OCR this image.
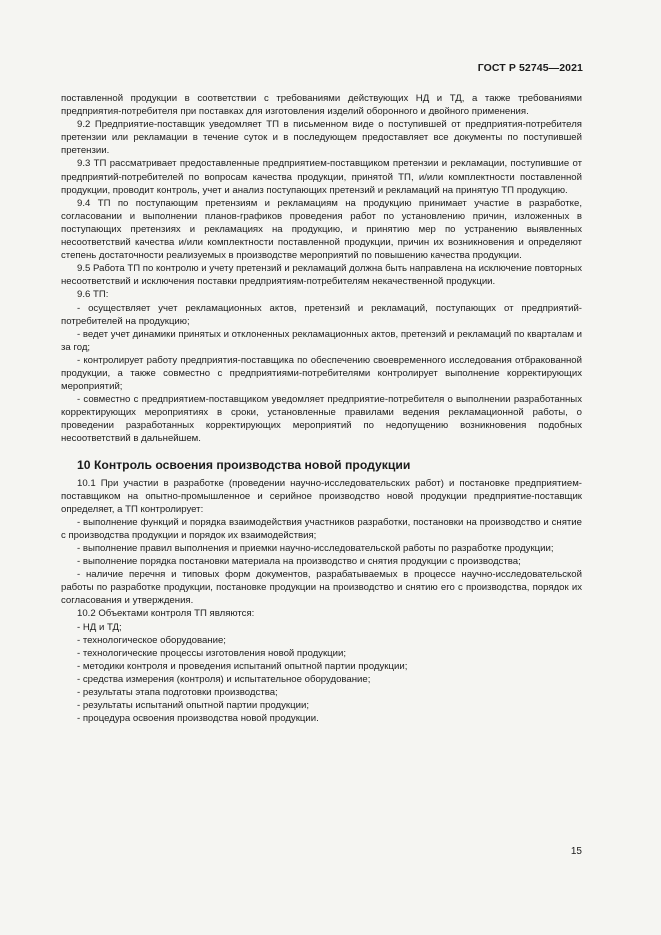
ГОСТ Р 52745—2021

поставленной продукции в соответствии с требованиями действующих НД и ТД, а также требованиями предприятия-потребителя при поставках для изготовления изделий оборонного и двойного применения.

9.2 Предприятие-поставщик уведомляет ТП в письменном виде о поступившей от предприятия-потребителя претензии или рекламации в течение суток и в последующем предоставляет все документы по поступившей претензии.

9.3 ТП рассматривает предоставленные предприятием-поставщиком претензии и рекламации, поступившие от предприятий-потребителей по вопросам качества продукции, принятой ТП, и/или комплектности поставленной продукции, проводит контроль, учет и анализ поступающих претензий и рекламаций на принятую ТП продукцию.

9.4 ТП по поступающим претензиям и рекламациям на продукцию принимает участие в разработке, согласовании и выполнении планов-графиков проведения работ по установлению причин, изложенных в поступающих претензиях и рекламациях на продукцию, и принятию мер по устранению выявленных несоответствий качества и/или комплектности поставленной продукции, причин их возникновения и определяют степень достаточности реализуемых в производстве мероприятий по повышению качества продукции.

9.5 Работа ТП по контролю и учету претензий и рекламаций должна быть направлена на исключение повторных несоответствий и исключения поставки предприятиям-потребителям некачественной продукции.

9.6 ТП:

- осуществляет учет рекламационных актов, претензий и рекламаций, поступающих от предприятий-потребителей на продукцию;

- ведет учет динамики принятых и отклоненных рекламационных актов, претензий и рекламаций по кварталам и за год;

- контролирует работу предприятия-поставщика по обеспечению своевременного исследования отбракованной продукции, а также совместно с предприятиями-потребителями контролирует выполнение корректирующих мероприятий;

- совместно с предприятием-поставщиком уведомляет предприятие-потребителя о выполнении разработанных корректирующих мероприятиях в сроки, установленные правилами ведения рекламационной работы, о проведении разработанных корректирующих мероприятий по недопущению возникновения подобных несоответствий в дальнейшем.

10 Контроль освоения производства новой продукции

10.1 При участии в разработке (проведении научно-исследовательских работ) и постановке предприятием-поставщиком на опытно-промышленное и серийное производство новой продукции предприятие-поставщик определяет, а ТП контролирует:

- выполнение функций и порядка взаимодействия участников разработки, постановки на производство и снятие с производства продукции и порядок их взаимодействия;

- выполнение правил выполнения и приемки научно-исследовательской работы по разработке продукции;

- выполнение порядка постановки материала на производство и снятия продукции с производства;

- наличие перечня и типовых форм документов, разрабатываемых в процессе научно-исследовательской работы по разработке продукции, постановке продукции на производство и снятию его с производства, порядок их согласования и утверждения.

10.2 Объектами контроля ТП являются:

- НД и ТД;

- технологическое оборудование;

- технологические процессы изготовления новой продукции;

- методики контроля и проведения испытаний опытной партии продукции;

- средства измерения (контроля) и испытательное оборудование;

- результаты этапа подготовки производства;

- результаты испытаний опытной партии продукции;

- процедура освоения производства новой продукции.

15
